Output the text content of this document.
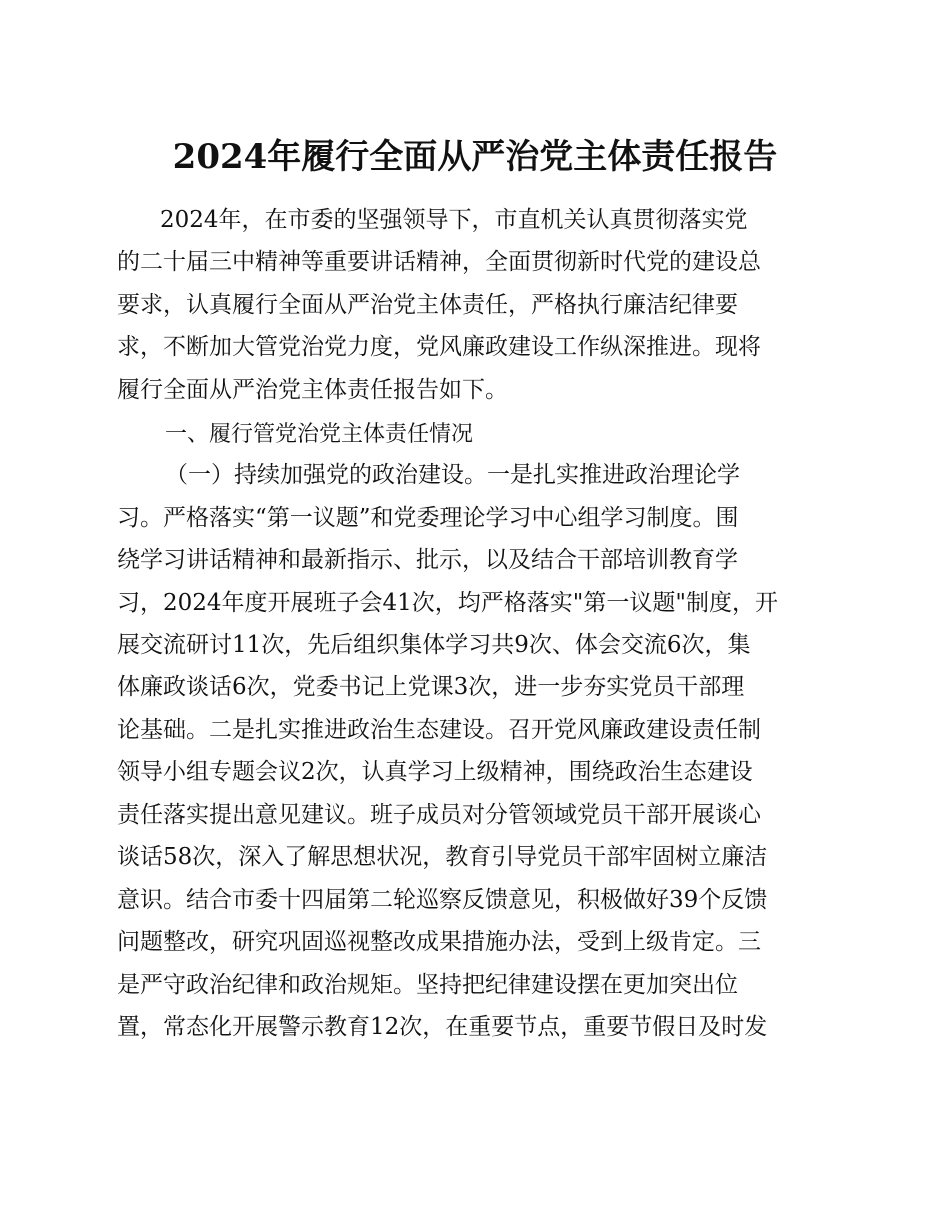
2024年履行全面从严治党主体责任报告
2024年，在市委的坚强领导下，市直机关认真贯彻落实党
的二十届三中精神等重要讲话精神，全面贯彻新时代党的建设总
要求，认真履行全面从严治党主体责任，严格执行廉洁纪律要
求，不断加大管党治党力度，党风廉政建设工作纵深推进。现将
履行全面从严治党主体责任报告如下。
一、履行管党治党主体责任情况
（一）持续加强党的政治建设。一是扎实推进政治理论学
习。严格落实“第一议题”和党委理论学习中心组学习制度。围
绕学习讲话精神和最新指示、批示，以及结合干部培训教育学
习，2024年度开展班子会41次，均严格落实"第一议题"制度，开
展交流研讨11次，先后组织集体学习共9次、体会交流6次，集
体廉政谈话6次，党委书记上党课3次，进一步夯实党员干部理
论基础。二是扎实推进政治生态建设。召开党风廉政建设责任制
领导小组专题会议2次，认真学习上级精神，围绕政治生态建设
责任落实提出意见建议。班子成员对分管领域党员干部开展谈心
谈话58次，深入了解思想状况，教育引导党员干部牢固树立廉洁
意识。结合市委十四届第二轮巡察反馈意见，积极做好39个反馈
问题整改，研究巩固巡视整改成果措施办法，受到上级肯定。三
是严守政治纪律和政治规矩。坚持把纪律建设摆在更加突出位
置，常态化开展警示教育12次，在重要节点，重要节假日及时发
